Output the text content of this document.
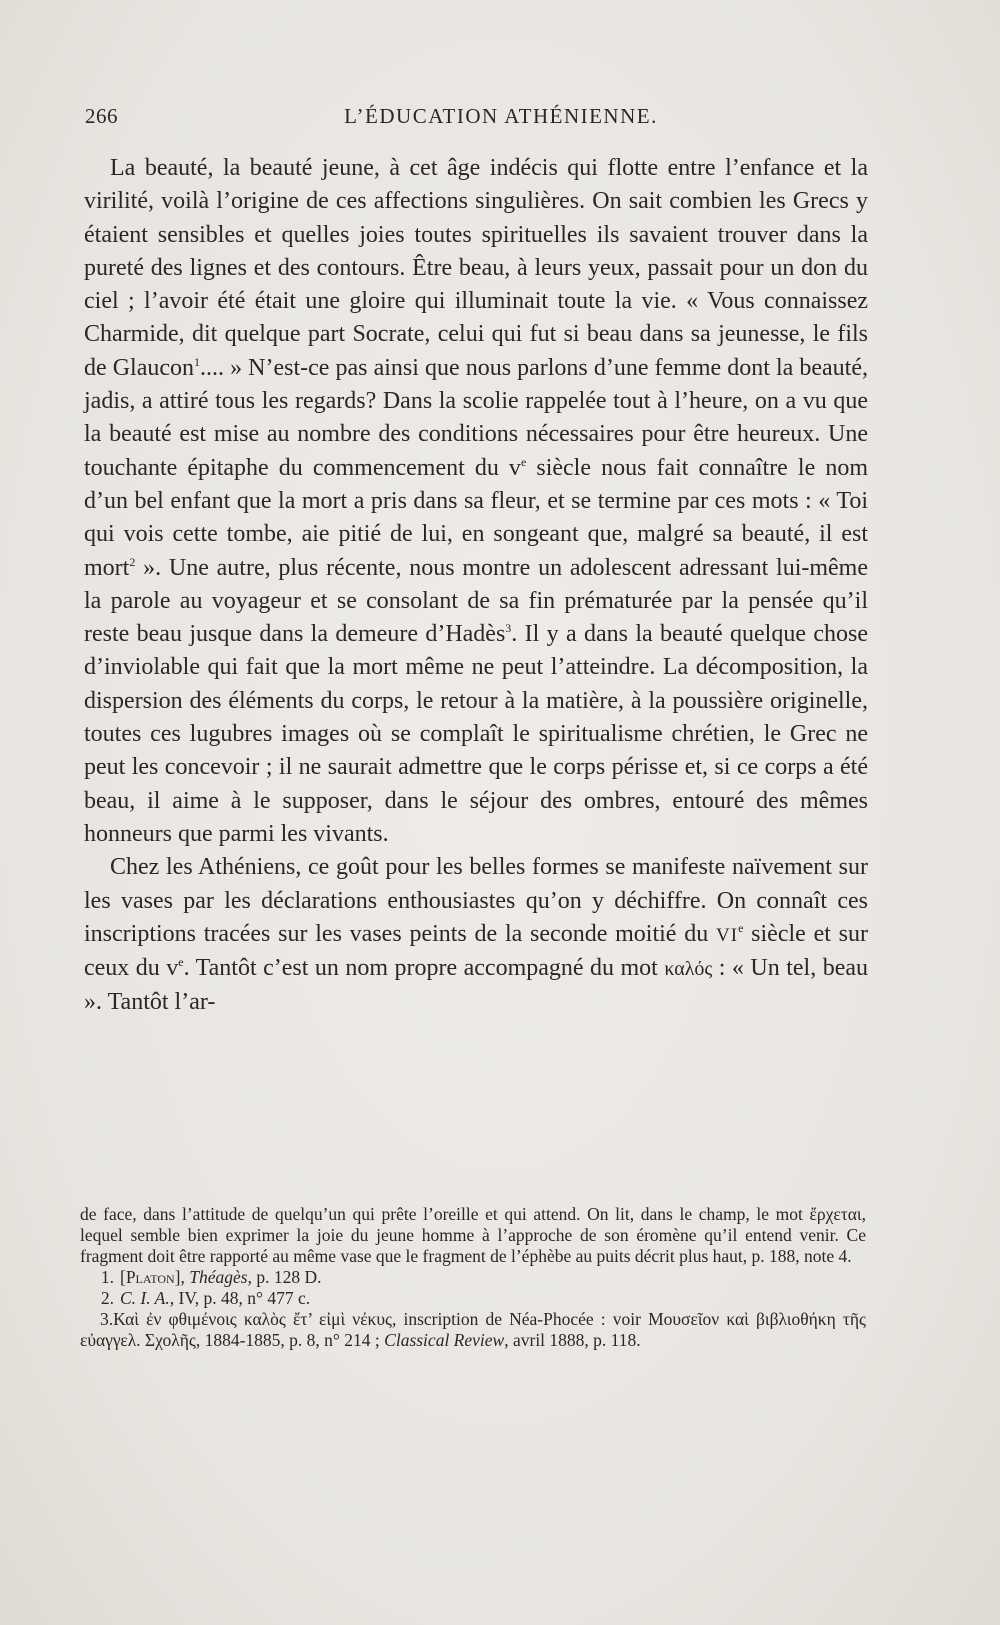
266	L’ÉDUCATION ATHÉNIENNE.

La beauté, la beauté jeune, à cet âge indécis qui flotte entre l’enfance et la virilité, voilà l’origine de ces affections singulières. On sait combien les Grecs y étaient sensibles et quelles joies toutes spirituelles ils savaient trouver dans la pureté des lignes et des contours. Être beau, à leurs yeux, passait pour un don du ciel ; l’avoir été était une gloire qui illuminait toute la vie. « Vous connaissez Charmide, dit quelque part Socrate, celui qui fut si beau dans sa jeunesse, le fils de Glaucon$^1$.... » N’est-ce pas ainsi que nous parlons d’une femme dont la beauté, jadis, a attiré tous les regards? Dans la scolie rappelée tout à l’heure, on a vu que la beauté est mise au nombre des conditions nécessaires pour être heureux. Une touchante épitaphe du commencement du $v^e$ siècle nous fait connaître le nom d’un bel enfant que la mort a pris dans sa fleur, et se termine par ces mots : « Toi qui vois cette tombe, aie pitié de lui, en songeant que, malgré sa beauté, il est mort$^2$ ». Une autre, plus récente, nous montre un adolescent adressant lui-même la parole au voyageur et se consolant de sa fin prématurée par la pensée qu’il reste beau jusque dans la demeure d’Hadès$^3$. Il y a dans la beauté quelque chose d’inviolable qui fait que la mort même ne peut l’atteindre. La décomposition, la dispersion des éléments du corps, le retour à la matière, à la poussière originelle, toutes ces lugubres images où se complaît le spiritualisme chrétien, le Grec ne peut les concevoir ; il ne saurait admettre que le corps périsse et, si ce corps a été beau, il aime à le supposer, dans le séjour des ombres, entouré des mêmes honneurs que parmi les vivants.

Chez les Athéniens, ce goût pour les belles formes se manifeste naïvement sur les vases par les déclarations enthousiastes qu’on y déchiffre. On connaît ces inscriptions tracées sur les vases peints de la seconde moitié du VIe siècle et sur ceux du $v^e$. Tantôt c’est un nom propre accompagné du mot καλός : « Un tel, beau ». Tantôt l’ar-

de face, dans l’attitude de quelqu’un qui prête l’oreille et qui attend. On lit, dans le champ, le mot ἔρχεται, lequel semble bien exprimer la joie du jeune homme à l’approche de son éromène qu’il entend venir. Ce fragment doit être rapporté au même vase que le fragment de l’éphèbe au puits décrit plus haut, p. 188, note 4.

1. [Platon], Théagès, p. 128 D.

2. C. I. A., IV, p. 48, n° 477 c.

3.Καὶ ἐν φθιμένοις καλὸς ἔτ’ εἰμὶ νέκυς, inscription de Néa-Phocée : voir Μουσεῖον καὶ βιβλιοθήκη τῆς εὐαγγελ. Σχολῆς, 1884-1885, p. 8, n° 214 ; Classical Review, avril 1888, p. 118.
